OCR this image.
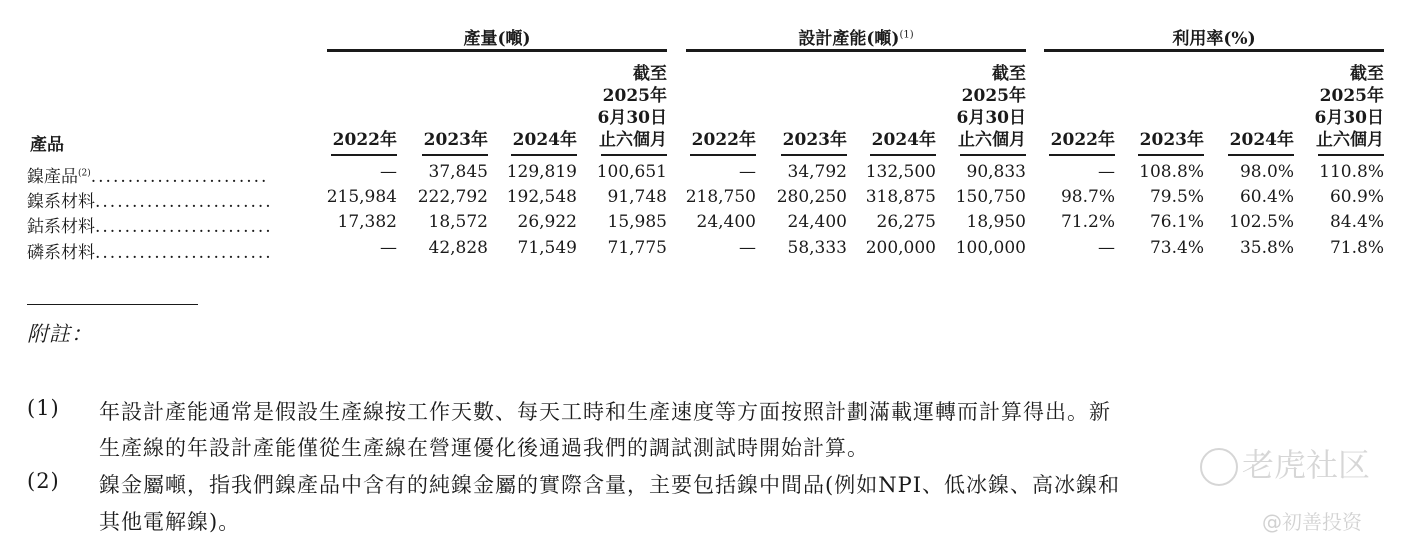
產品
產量(噸)	設計產能(噸)$^{(1)}$	利用率(%)
2022年	2023年	2024年
截至
2025年
6月30日
止六個月	2022年	2023年	2024年
截至
2025年
6月30日
止六個月	2022年	2023年	2024年
截至
2025年
6月30日
止六個月
鎳產品$^{(2)}$........................	—	37,845	129,819	100,651	—	34,792	132,500	90,833	—	108.8%	98.0%	110.8%
鎳系材料........................	215,984	222,792	192,548	91,748	218,750	280,250	318,875	150,750	98.7%	79.5%	60.4%	60.9%
鈷系材料........................	17,382	18,572	26,922	15,985	24,400	24,400	26,275	18,950	71.2%	76.1%	102.5%	84.4%
磷系材料........................	—	42,828	71,549	71,775	—	58,333	200,000	100,000	—	73.4%	35.8%	71.8%
附註：
(1) 年設計產能通常是假設生產線按工作天數、每天工時和生產速度等方面按照計劃滿載運轉而計算得出。新
生產線的年設計產能僅從生產線在營運優化後通過我們的調試測試時開始計算。
(2) 鎳金屬噸，指我們鎳產品中含有的純鎳金屬的實際含量，主要包括鎳中間品(例如NPI、低冰鎳、高冰鎳和
其他電解鎳)。
老虎社区
@初善投资
